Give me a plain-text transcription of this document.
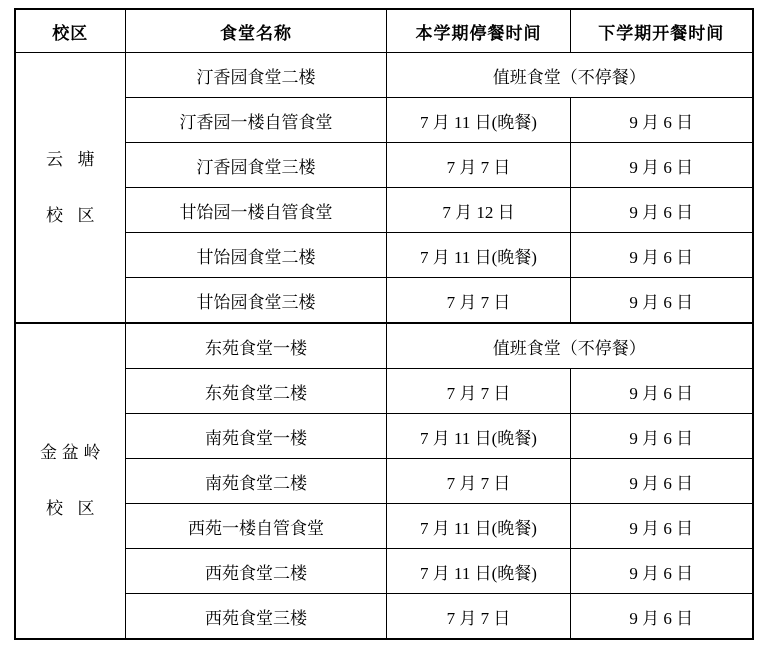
校区	食堂名称	本学期停餐时间	下学期开餐时间

云塘
校区	汀香园食堂二楼	值班食堂（不停餐）	
	汀香园一楼自管食堂	7 月 11 日(晚餐)	9 月 6 日
	汀香园食堂三楼	7 月 7 日	9 月 6 日
	甘饴园一楼自管食堂	7 月 12 日	9 月 6 日
	甘饴园食堂二楼	7 月 11 日(晚餐)	9 月 6 日
	甘饴园食堂三楼	7 月 7 日	9 月 6 日

金盆岭
校区	东苑食堂一楼	值班食堂（不停餐）	
	东苑食堂二楼	7 月 7 日	9 月 6 日
	南苑食堂一楼	7 月 11 日(晚餐)	9 月 6 日
	南苑食堂二楼	7 月 7 日	9 月 6 日
	西苑一楼自管食堂	7 月 11 日(晚餐)	9 月 6 日
	西苑食堂二楼	7 月 11 日(晚餐)	9 月 6 日
	西苑食堂三楼	7 月 7 日	9 月 6 日
